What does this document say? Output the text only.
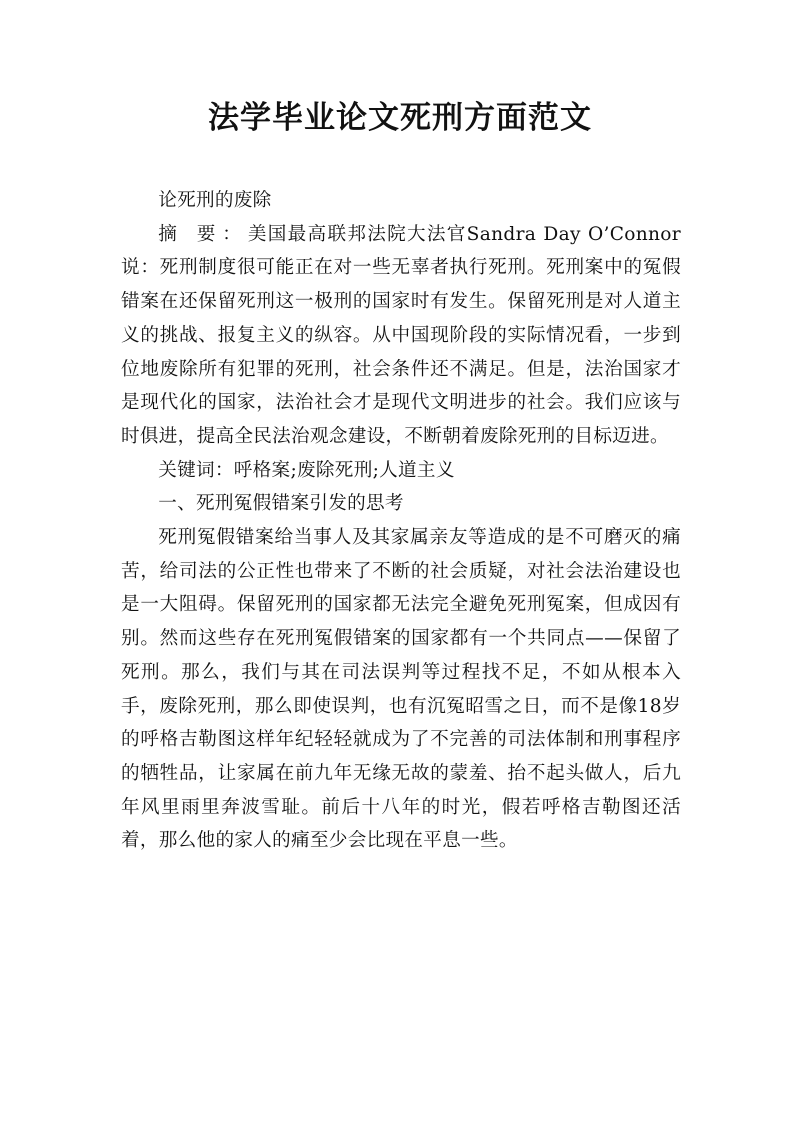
法学毕业论文死刑方面范文

论死刑的废除

摘 要：美国最高联邦法院大法官Sandra Day O’Connor说：死刑制度很可能正在对一些无辜者执行死刑。死刑案中的冤假错案在还保留死刑这一极刑的国家时有发生。保留死刑是对人道主义的挑战、报复主义的纵容。从中国现阶段的实际情况看，一步到位地废除所有犯罪的死刑，社会条件还不满足。但是，法治国家才是现代化的国家，法治社会才是现代文明进步的社会。我们应该与时俱进，提高全民法治观念建设，不断朝着废除死刑的目标迈进。

关键词：呼格案;废除死刑;人道主义

一、死刑冤假错案引发的思考

死刑冤假错案给当事人及其家属亲友等造成的是不可磨灭的痛苦，给司法的公正性也带来了不断的社会质疑，对社会法治建设也是一大阻碍。保留死刑的国家都无法完全避免死刑冤案，但成因有别。然而这些存在死刑冤假错案的国家都有一个共同点——保留了死刑。那么，我们与其在司法误判等过程找不足，不如从根本入手，废除死刑，那么即使误判，也有沉冤昭雪之日，而不是像18岁的呼格吉勒图这样年纪轻轻就成为了不完善的司法体制和刑事程序的牺牲品，让家属在前九年无缘无故的蒙羞、抬不起头做人，后九年风里雨里奔波雪耻。前后十八年的时光，假若呼格吉勒图还活着，那么他的家人的痛至少会比现在平息一些。
